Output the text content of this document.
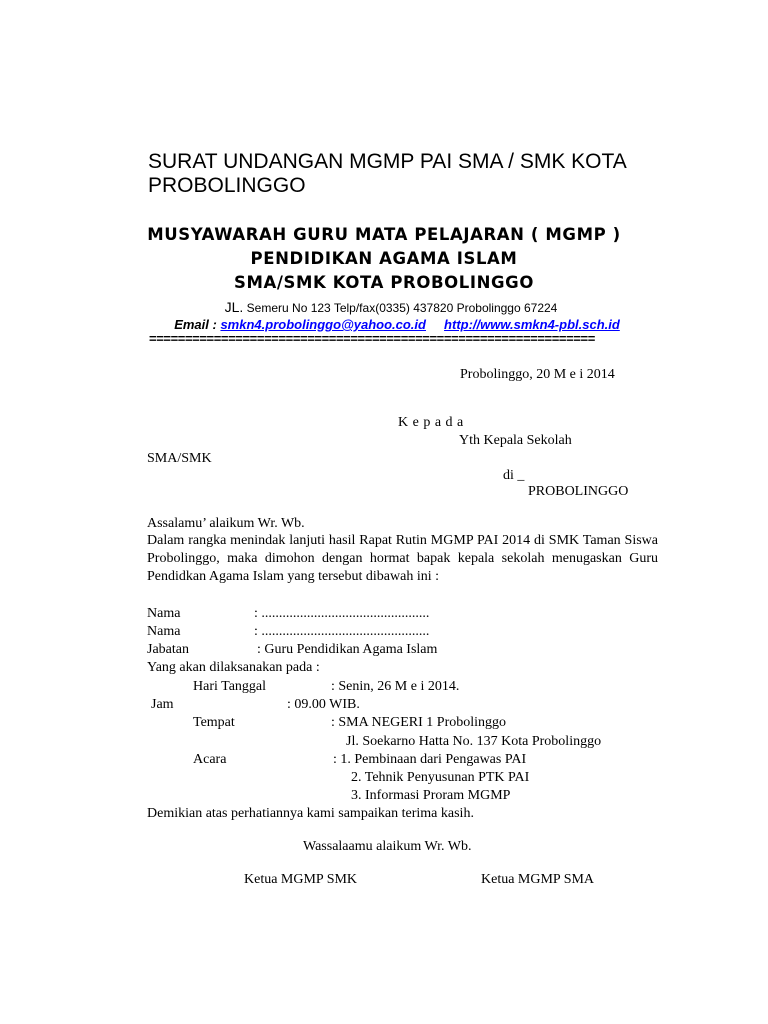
SURAT UNDANGAN MGMP PAI SMA / SMK KOTA
PROBOLINGGO
MUSYAWARAH GURU MATA PELAJARAN ( MGMP )
PENDIDIKAN AGAMA ISLAM
SMA/SMK KOTA PROBOLINGGO
JL. Semeru No 123 Telp/fax(0335) 437820 Probolinggo 67224
Email : smkn4.probolinggo@yahoo.co.id http://www.smkn4-pbl.sch.id
==============================================================
Probolinggo, 20 M e i 2014
K e p a d a
Yth Kepala Sekolah
SMA/SMK
di _
PROBOLINGGO
Assalamu’ alaikum Wr. Wb.
Dalam rangka menindak lanjuti hasil Rapat Rutin MGMP PAI 2014 di SMK Taman Siswa Probolinggo, maka dimohon dengan hormat bapak kepala sekolah menugaskan Guru Pendidkan Agama Islam yang tersebut dibawah ini :
Nama	: ................................................
Nama	: ................................................
Jabatan	: Guru Pendidikan Agama Islam
Yang akan dilaksanakan pada :
Hari Tanggal	: Senin, 26 M e i 2014.
Jam	: 09.00 WIB.
Tempat	: SMA NEGERI 1 Probolinggo
Jl. Soekarno Hatta No. 137 Kota Probolinggo
Acara	: 1. Pembinaan dari Pengawas PAI
2. Tehnik Penyusunan PTK PAI
3. Informasi Proram MGMP
Demikian atas perhatiannya kami sampaikan terima kasih.
Wassalaamu alaikum Wr. Wb.
Ketua MGMP SMK	Ketua MGMP SMA
